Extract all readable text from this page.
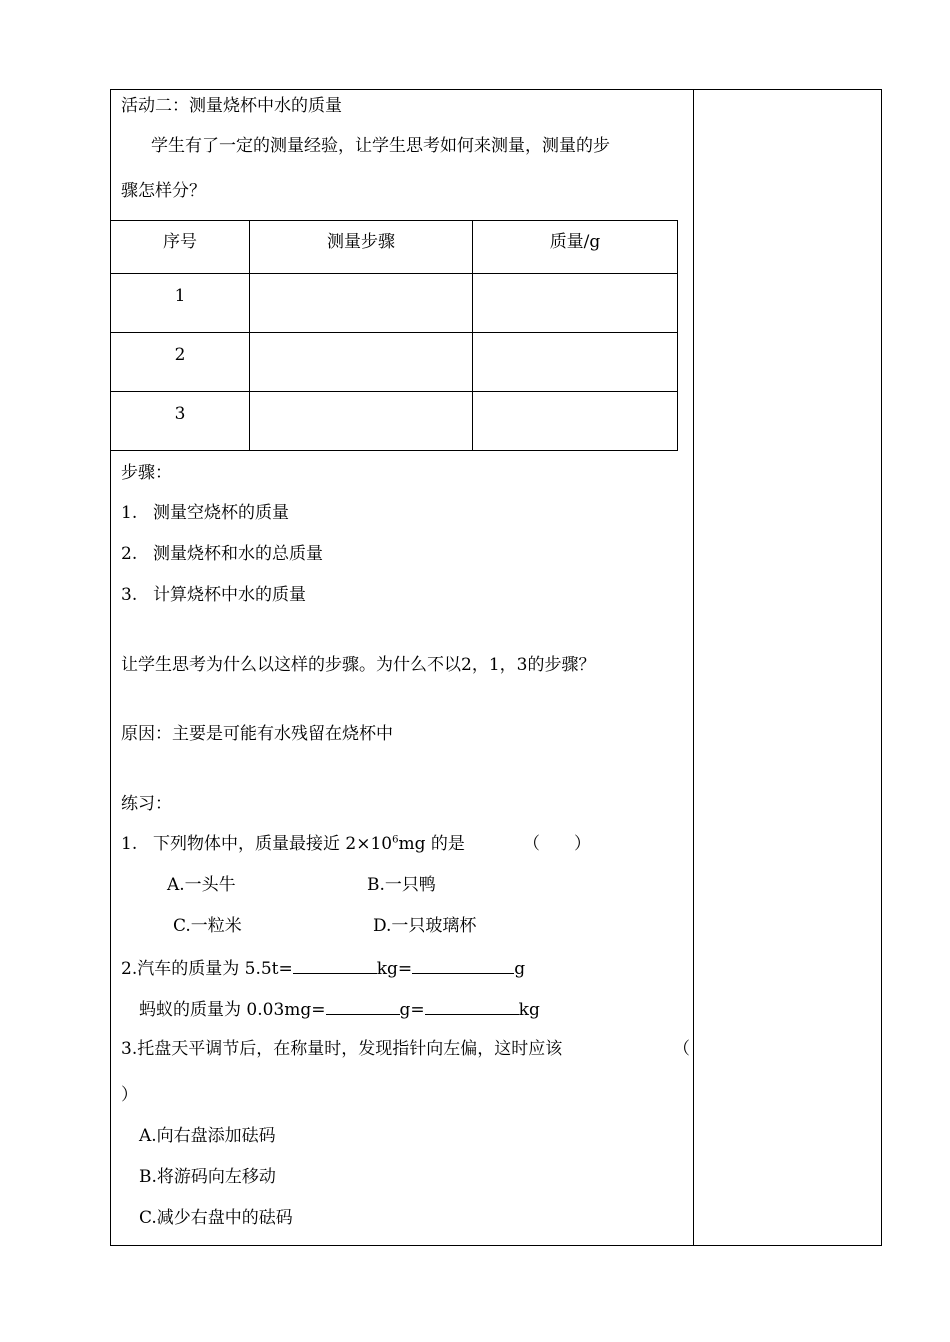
活动二：测量烧杯中水的质量
学生有了一定的测量经验，让学生思考如何来测量，测量的步
骤怎样分？
序号	测量步骤	质量/g
1		
2		
3		
步骤：
1. 测量空烧杯的质量
2. 测量烧杯和水的总质量
3. 计算烧杯中水的质量
让学生思考为什么以这样的步骤。为什么不以2，1，3的步骤？
原因：主要是可能有水残留在烧杯中
练习：
1. 下列物体中，质量最接近 $2\times 10^6mg$ 的是	（　　）
A.一头牛	B.一只鸭
C.一粒米	D.一只玻璃杯
2.汽车的质量为 5.5t=	kg=	g
蚂蚁的质量为 0.03mg=	g=	kg
3.托盘天平调节后，在称量时，发现指针向左偏，这时应该	（
）
A.向右盘添加砝码
B.将游码向左移动
C.减少右盘中的砝码
